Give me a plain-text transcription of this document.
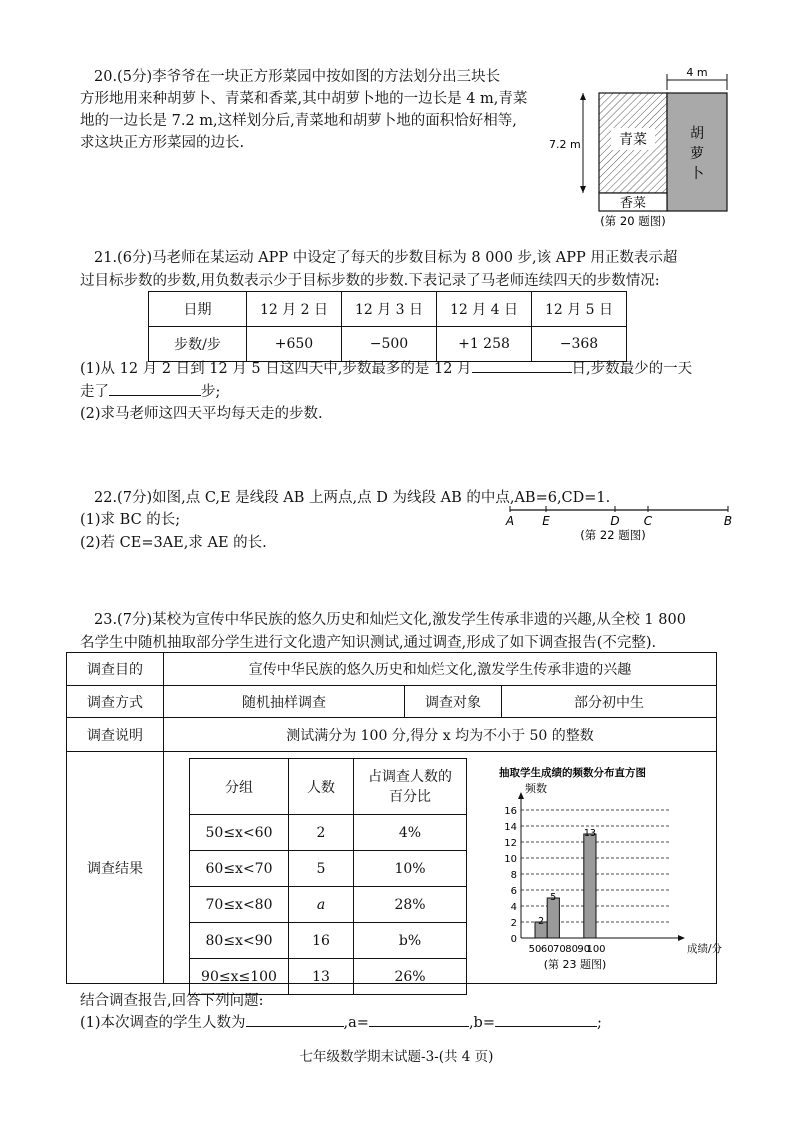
20.(5分)李爷爷在一块正方形菜园中按如图的方法划分出三块长
方形地用来种胡萝卜、青菜和香菜,其中胡萝卜地的一边长是 4 m,青菜
地的一边长是 7.2 m,这样划分后,青菜地和胡萝卜地的面积恰好相等,
求这块正方形菜园的边长.
4 m
7.2 m	青菜	胡
萝
卜
香菜
(第 20 题图)
21.(6分)马老师在某运动 APP 中设定了每天的步数目标为 8 000 步,该 APP 用正数表示超
过目标步数的步数,用负数表示少于目标步数的步数.下表记录了马老师连续四天的步数情况:
日期	12 月 2 日	12 月 3 日	12 月 4 日	12 月 5 日
步数/步	+650	−500	+1 258	−368
(1)从 12 月 2 日到 12 月 5 日这四天中,步数最多的是 12 月	日,步数最少的一天
走了	步;
(2)求马老师这四天平均每天走的步数.
22.(7分)如图,点 C,E 是线段 AB 上两点,点 D 为线段 AB 的中点,AB=6,CD=1.
(1)求 BC 的长;
(2)若 CE=3AE,求 AE 的长.
A E	D C	B
(第 22 题图)
23.(7分)某校为宣传中华民族的悠久历史和灿烂文化,激发学生传承非遗的兴趣,从全校 1 800
名学生中随机抽取部分学生进行文化遗产知识测试,通过调查,形成了如下调查报告(不完整).
调查目的	宣传中华民族的悠久历史和灿烂文化,激发学生传承非遗的兴趣		
调查方式	随机抽样调查	调查对象	部分初中生
调查说明	测试满分为 100 分,得分 x 均为不小于 50 的整数		
调查结果			
分组	人数	占调查人数的百分比
50≤x<60	2	4%
60≤x<70	5	10%
70≤x<80	a	28%
80≤x<90	16	b%
90≤x≤100	13	26%
抽取学生成绩的频数分布直方图
频数
2
4
6
8
10
12
14
16
0
50 60 70 80 90
100	成绩/分
2
5
13
(第 23 题图)
结合调查报告,回答下列问题:
(1)本次调查的学生人数为	,a=	,b=	;
七年级数学期末试题-3-(共 4 页)
